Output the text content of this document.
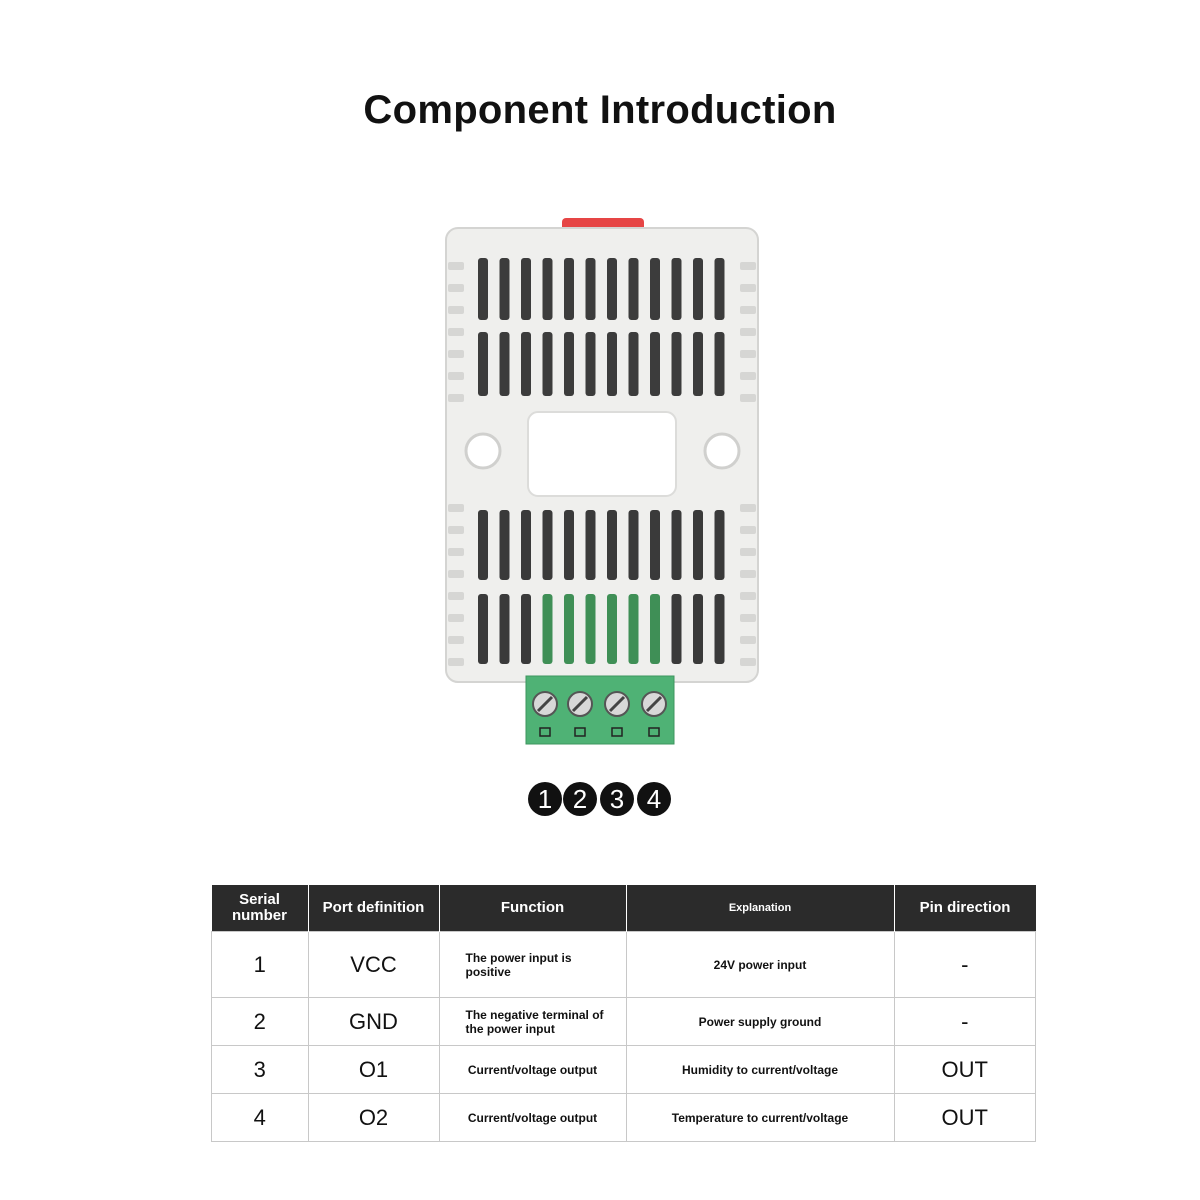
Component Introduction
1 2 3 4
Serial number	Port definition	Function	Explanation	Pin direction
1	VCC	The power input is positive	24V power input	-
2	GND	The negative terminal of the power input	Power supply ground	-
3	O1	Current/voltage output	Humidity to current/voltage	OUT
4	O2	Current/voltage output	Temperature to current/voltage	OUT
